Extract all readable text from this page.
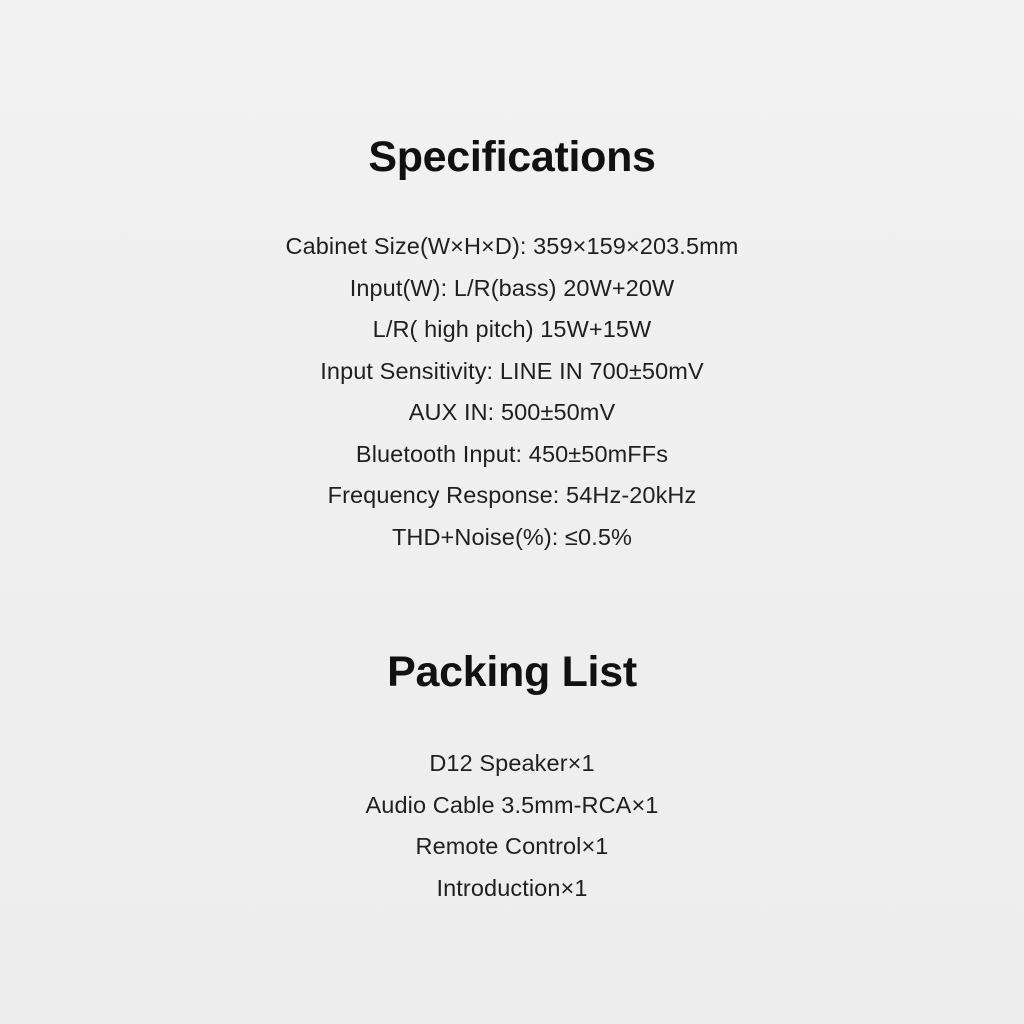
Specifications
Cabinet Size(W×H×D): 359×159×203.5mm
Input(W): L/R(bass) 20W+20W
L/R( high pitch) 15W+15W
Input Sensitivity: LINE IN 700±50mV
AUX IN: 500±50mV
Bluetooth Input: 450±50mFFs
Frequency Response: 54Hz-20kHz
THD+Noise(%): ≤0.5%
Packing List
D12 Speaker×1
Audio Cable 3.5mm-RCA×1
Remote Control×1
Introduction×1
